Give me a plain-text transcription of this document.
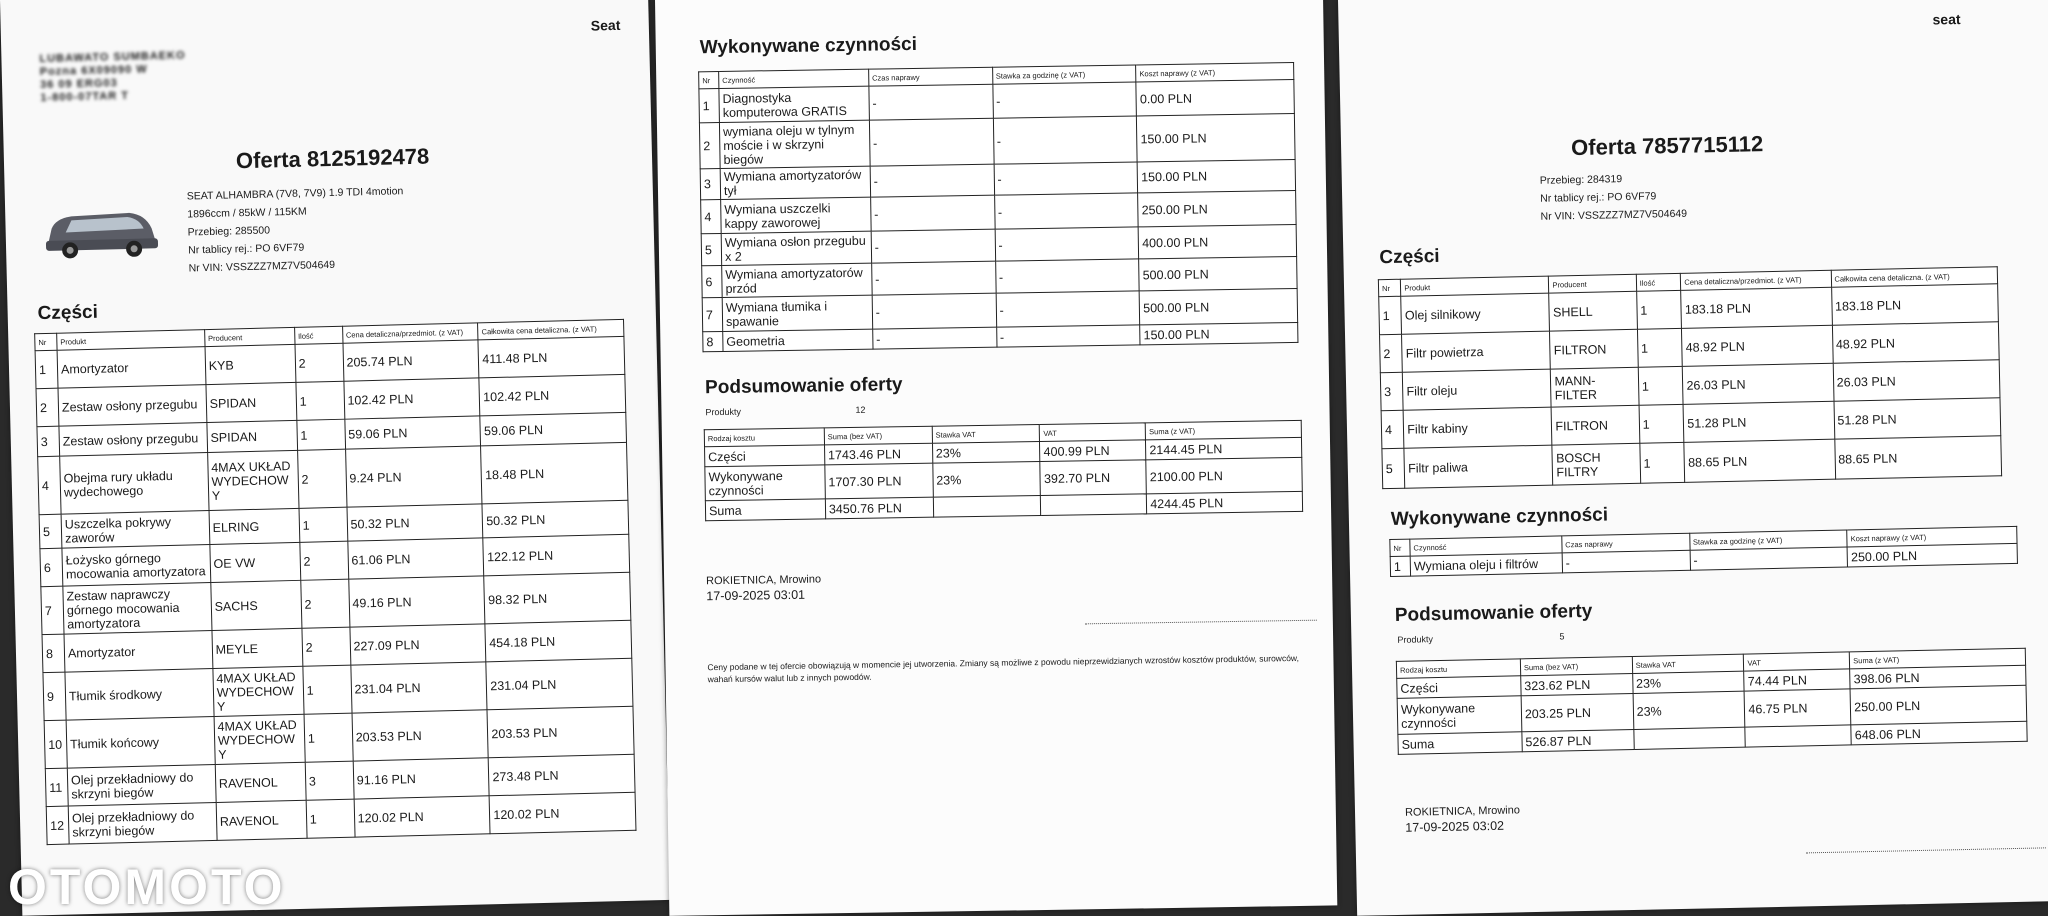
Seat
LUBAWATO SUMBAEKO
Pozna 6X09090 W
36 09 ERG03
1-800-07TAR T
Oferta 8125192478
SEAT ALHAMBRA (7V8, 7V9) 1.9 TDI 4motion
1896ccm / 85kW / 115KM
Przebieg: 285500
Nr tablicy rej.: PO 6VF79
Nr VIN: VSSZZZ7MZ7V504649
Części
Nr	Produkt	Producent	Ilość	Cena detaliczna/przedmiot. (z VAT)	Całkowita cena detaliczna. (z VAT)
1	Amortyzator	KYB	2	205.74 PLN	411.48 PLN
2	Zestaw osłony przegubu	SPIDAN	1	102.42 PLN	102.42 PLN
3	Zestaw osłony przegubu	SPIDAN	1	59.06 PLN	59.06 PLN
4	Obejma rury układu wydechowego	4MAX UKŁAD WYDECHOW Y	2	9.24 PLN	18.48 PLN
5	Uszczelka pokrywy zaworów	ELRING	1	50.32 PLN	50.32 PLN
6	Łożysko górnego mocowania amortyzatora	OE VW	2	61.06 PLN	122.12 PLN
7	Zestaw naprawczy górnego mocowania amortyzatora	SACHS	2	49.16 PLN	98.32 PLN
8	Amortyzator	MEYLE	2	227.09 PLN	454.18 PLN
9	Tłumik środkowy	4MAX UKŁAD WYDECHOW Y	1	231.04 PLN	231.04 PLN
10	Tłumik końcowy	4MAX UKŁAD WYDECHOW Y	1	203.53 PLN	203.53 PLN
11	Olej przekładniowy do skrzyni biegów	RAVENOL	3	91.16 PLN	273.48 PLN
12	Olej przekładniowy do skrzyni biegów	RAVENOL	1	120.02 PLN	120.02 PLN
Wykonywane czynności
Nr	Czynność	Czas naprawy	Stawka za godzinę (z VAT)	Koszt naprawy (z VAT)
1	Diagnostyka komputerowa GRATIS	-	-	0.00 PLN
2	wymiana oleju w tylnym moście i w skrzyni biegów	-	-	150.00 PLN
3	Wymiana amortyzatorów tył	-	-	150.00 PLN
4	Wymiana uszczelki kappy zaworowej	-	-	250.00 PLN
5	Wymiana osłon przegubu x 2	-	-	400.00 PLN
6	Wymiana amortyzatorów przód	-	-	500.00 PLN
7	Wymiana tłumika i spawanie	-	-	500.00 PLN
8	Geometria	-	-	150.00 PLN
Podsumowanie oferty
Produkty	12
Rodzaj kosztu	Suma (bez VAT)	Stawka VAT	VAT	Suma (z VAT)
Części	1743.46 PLN	23%	400.99 PLN	2144.45 PLN
Wykonywane czynności	1707.30 PLN	23%	392.70 PLN	2100.00 PLN
Suma	3450.76 PLN			4244.45 PLN
ROKIETNICA, Mrowino
17-09-2025 03:01
Ceny podane w tej ofercie obowiązują w momencie jej utworzenia. Zmiany są możliwe z powodu nieprzewidzianych wzrostów kosztów produktów, surowców, wahań kursów walut lub z innych powodów.
seat
Oferta 7857715112
Przebieg: 284319
Nr tablicy rej.: PO 6VF79
Nr VIN: VSSZZZ7MZ7V504649
Części
Nr	Produkt	Producent	Ilość	Cena detaliczna/przedmiot. (z VAT)	Całkowita cena detaliczna. (z VAT)
1	Olej silnikowy	SHELL	1	183.18 PLN	183.18 PLN
2	Filtr powietrza	FILTRON	1	48.92 PLN	48.92 PLN
3	Filtr oleju	MANN-FILTER	1	26.03 PLN	26.03 PLN
4	Filtr kabiny	FILTRON	1	51.28 PLN	51.28 PLN
5	Filtr paliwa	BOSCH FILTRY	1	88.65 PLN	88.65 PLN
Wykonywane czynności
Nr	Czynność	Czas naprawy	Stawka za godzinę (z VAT)	Koszt naprawy (z VAT)
1	Wymiana oleju i filtrów	-	-	250.00 PLN
Podsumowanie oferty
Produkty	5
Rodzaj kosztu	Suma (bez VAT)	Stawka VAT	VAT	Suma (z VAT)
Części	323.62 PLN	23%	74.44 PLN	398.06 PLN
Wykonywane czynności	203.25 PLN	23%	46.75 PLN	250.00 PLN
Suma	526.87 PLN			648.06 PLN
ROKIETNICA, Mrowino
17-09-2025 03:02
OTOMOTO
